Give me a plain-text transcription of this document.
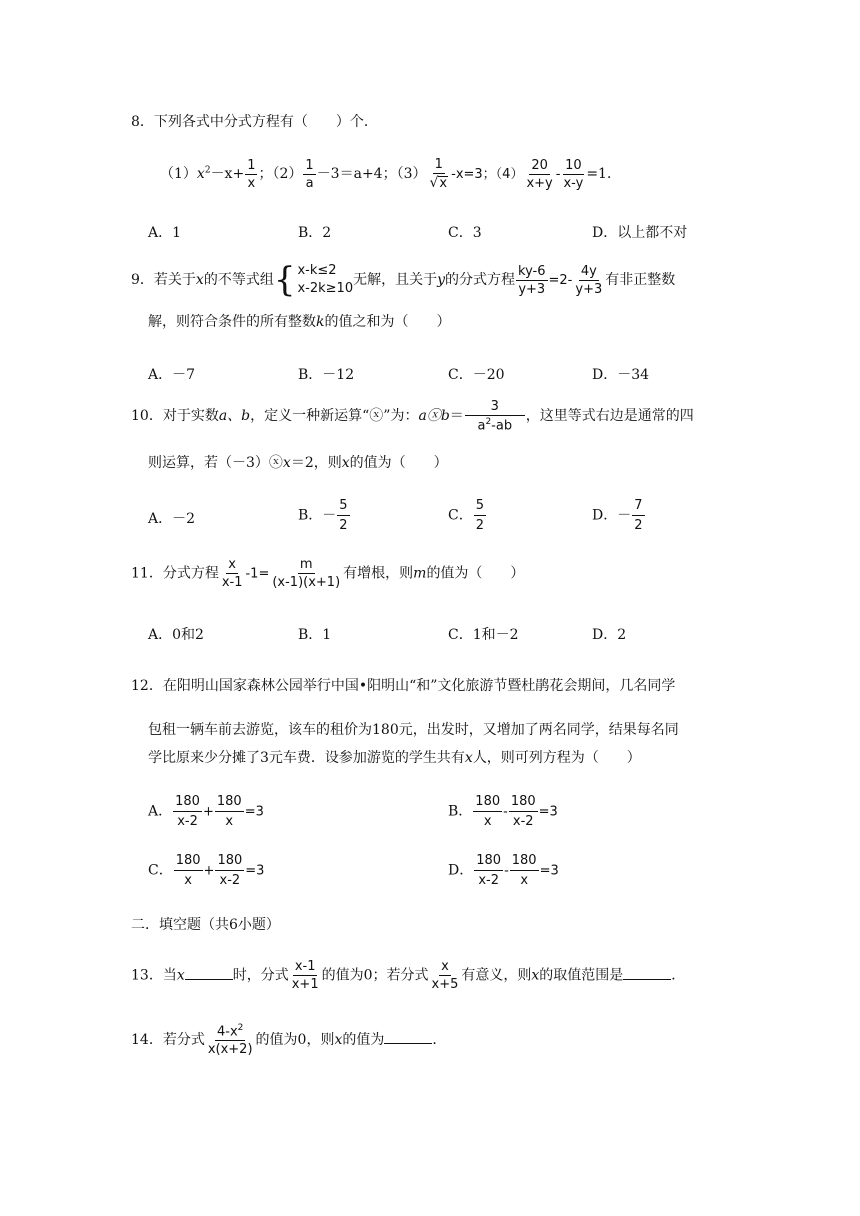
8．下列各式中分式方程有（　　）个．
$(1)x^2-x+ \frac{1}{x}$ ；$(2) \frac{1}{a} -3=a+4$；$(3) \frac{1}{√x} -x=3$；$(4) \frac{20}{x+y} - \frac{10}{x-y} =1$．
A．1	B．2	C．3	D．以上都不对
9．若关于x的不等式组{ x-k≤2
x-2k≥10
无解，且关于y的分式方程 $\frac{ky-6}{y+3} =2- \frac{4y}{y+3}$ 有非正整数
解，则符合条件的所有整数k的值之和为（　　）
A．－7	B．－12	C．－20	D．－34
10．对于实数a、b，定义一种新运算“ⓧ”为：aⓧb＝ $\frac{3}{a^2-ab}$ ，这里等式右边是通常的四
则运算，若（－3）ⓧx＝2，则x的值为（　　）
A．－2	B．－ $\frac{5}{2}$	C． $\frac{5}{2}$	D．－ $\frac{7}{2}$
11．分式方程 $\frac{x}{x-1} -1= \frac{m}{(x-1)(x+1)}$ 有增根，则m的值为（　　）
A．0和2	B．1	C．1和－2	D．2
12．在阳明山国家森林公园举行中国•阳明山“和”文化旅游节暨杜鹃花会期间，几名同学
包租一辆车前去游览，该车的租价为180元，出发时，又增加了两名同学，结果每名同
学比原来少分摊了3元车费．设参加游览的学生共有x人，则可列方程为（　　）
A． $\frac{180}{x-2} + \frac{180}{x} =3$	B． $\frac{180}{x} - \frac{180}{x-2} =3$
C． $\frac{180}{x} + \frac{180}{x-2} =3$	D． $\frac{180}{x-2} - \frac{180}{x} =3$
二．填空题（共6小题）
13．当x	时，分式 $\frac{x-1}{x+1}$ 的值为0；若分式 $\frac{x}{x+5}$ 有意义，则x的取值范围是	．
14．若分式 $\frac{4-x^2}{x(x+2)}$ 的值为0，则x的值为	．
